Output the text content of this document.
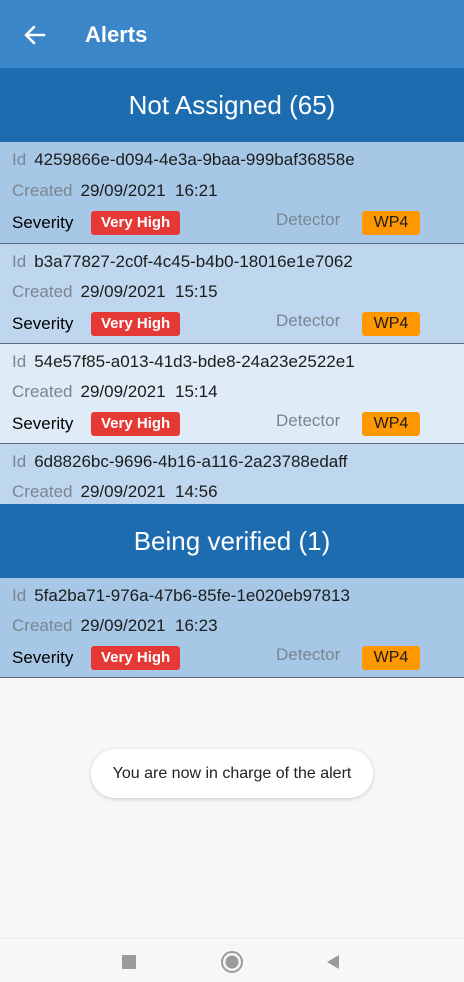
Alerts
Not Assigned (65)
Id 4259866e-d094-4e3a-9baa-999baf36858e
Created 29/09/2021  16:21
Severity	Very High	Detector	WP4
Id b3a77827-2c0f-4c45-b4b0-18016e1e7062
Created 29/09/2021  15:15
Severity	Very High	Detector	WP4
Id 54e57f85-a013-41d3-bde8-24a23e2522e1
Created 29/09/2021  15:14
Severity	Very High	Detector	WP4
Id 6d8826bc-9696-4b16-a116-2a23788edaff
Created 29/09/2021  14:56
Being verified (1)
Id 5fa2ba71-976a-47b6-85fe-1e020eb97813
Created 29/09/2021  16:23
Severity	Very High	Detector	WP4
You are now in charge of the alert
